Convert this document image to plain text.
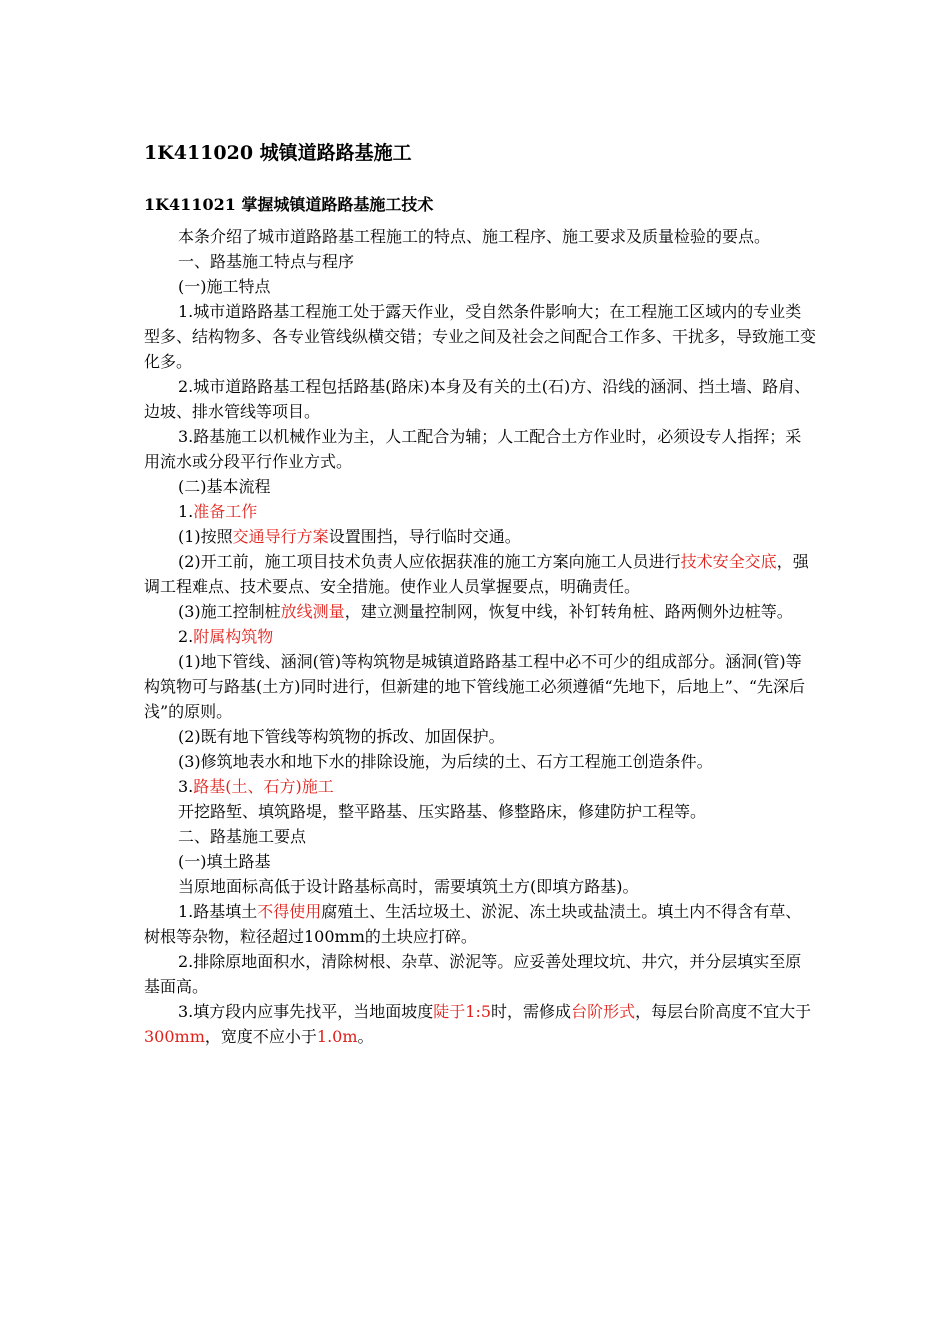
1K411020 城镇道路路基施工
1K411021 掌握城镇道路路基施工技术

本条介绍了城市道路路基工程施工的特点、施工程序、施工要求及质量检验的要点。

一、路基施工特点与程序

(一)施工特点

1.城市道路路基工程施工处于露天作业，受自然条件影响大；在工程施工区域内的专业类型多、结构物多、各专业管线纵横交错；专业之间及社会之间配合工作多、干扰多，导致施工变化多。

2.城市道路路基工程包括路基(路床)本身及有关的土(石)方、沿线的涵洞、挡土墙、路肩、边坡、排水管线等项目。

3.路基施工以机械作业为主，人工配合为辅；人工配合土方作业时，必须设专人指挥；采用流水或分段平行作业方式。

(二)基本流程

1.准备工作

(1)按照交通导行方案设置围挡，导行临时交通。

(2)开工前，施工项目技术负责人应依据获准的施工方案向施工人员进行技术安全交底，强调工程难点、技术要点、安全措施。使作业人员掌握要点，明确责任。

(3)施工控制桩放线测量，建立测量控制网，恢复中线，补钉转角桩、路两侧外边桩等。

2.附属构筑物

(1)地下管线、涵洞(管)等构筑物是城镇道路路基工程中必不可少的组成部分。涵洞(管)等构筑物可与路基(土方)同时进行，但新建的地下管线施工必须遵循“先地下，后地上”、“先深后浅”的原则。

(2)既有地下管线等构筑物的拆改、加固保护。

(3)修筑地表水和地下水的排除设施，为后续的土、石方工程施工创造条件。

3.路基(土、石方)施工

开挖路堑、填筑路堤，整平路基、压实路基、修整路床，修建防护工程等。

二、路基施工要点

(一)填土路基

当原地面标高低于设计路基标高时，需要填筑土方(即填方路基)。

1.路基填土不得使用腐殖土、生活垃圾土、淤泥、冻土块或盐渍土。填土内不得含有草、树根等杂物，粒径超过100mm的土块应打碎。

2.排除原地面积水，清除树根、杂草、淤泥等。应妥善处理坟坑、井穴，并分层填实至原基面高。

3.填方段内应事先找平，当地面坡度陡于1:5时，需修成台阶形式，每层台阶高度不宜大于300mm，宽度不应小于1.0m。
